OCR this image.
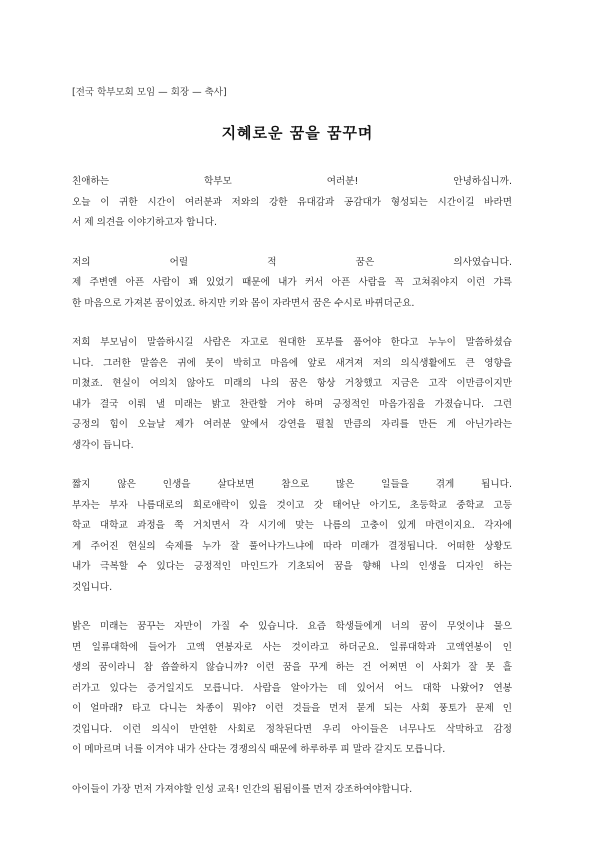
[전국 학부모회 모임 — 회장 — 축사]
지혜로운 꿈을 꿈꾸며
친애하는 학부모 여러분! 안녕하십니까.
오늘 이 귀한 시간이 여러분과 저와의 강한 유대감과 공감대가 형성되는 시간이길 바라면
서 제 의견을 이야기하고자 합니다.
저의 어릴 적 꿈은 의사였습니다.
제 주변엔 아픈 사람이 꽤 있었기 때문에 내가 커서 아픈 사람을 꼭 고쳐줘야지 이런 갸륵
한 마음으로 가져본 꿈이었죠. 하지만 키와 몸이 자라면서 꿈은 수시로 바뀌더군요.
저희 부모님이 말씀하시길 사람은 자고로 원대한 포부를 품어야 한다고 누누이 말씀하셨습
니다. 그러한 말씀은 귀에 못이 박히고 마음에 앞로 새겨져 저의 의식생활에도 큰 영향을
미쳤죠. 현실이 여의치 않아도 미래의 나의 꿈은 항상 거창했고 지금은 고작 이만큼이지만
내가 결국 이뤄 낼 미래는 밝고 찬란할 거야 하며 긍정적인 마음가짐을 가졌습니다. 그런
긍정의 힘이 오늘날 제가 여러분 앞에서 강연을 펼칠 만큼의 자리를 만든 게 아닌가라는
생각이 듭니다.
짧지 않은 인생을 살다보면 참으로 많은 일들을 겪게 됩니다.
부자는 부자 나름대로의 희로애락이 있을 것이고 갓 태어난 아기도, 초등학교 중학교 고등
학교 대학교 과정을 쭉 거치면서 각 시기에 맞는 나름의 고충이 있게 마련이지요. 각자에
게 주어진 현실의 숙제를 누가 잘 풀어나가느냐에 따라 미래가 결정됩니다. 어떠한 상황도
내가 극복할 수 있다는 긍정적인 마인드가 기초되어 꿈을 향해 나의 인생을 디자인 하는
것입니다.
밝은 미래는 꿈꾸는 자만이 가질 수 있습니다. 요즘 학생들에게 너의 꿈이 무엇이냐 물으
면 일류대학에 들어가 고액 연봉자로 사는 것이라고 하더군요. 일류대학과 고액연봉이 인
생의 꿈이라니 참 씁쓸하지 않습니까? 이런 꿈을 꾸게 하는 건 어쩌면 이 사회가 잘 못 흘
러가고 있다는 증거일지도 모릅니다. 사람을 알아가는 데 있어서 어느 대학 나왔어? 연봉
이 얼마래? 타고 다니는 차종이 뭐야? 이런 것들을 먼저 묻게 되는 사회 풍토가 문제 인
것입니다. 이런 의식이 만연한 사회로 정착된다면 우리 아이들은 너무나도 삭막하고 감정
이 메마르며 너를 이겨야 내가 산다는 경쟁의식 때문에 하루하루 피 말라 갈지도 모릅니다.
아이들이 가장 먼저 가져야할 인성 교육! 인간의 됨됨이를 먼저 강조하여야합니다.
